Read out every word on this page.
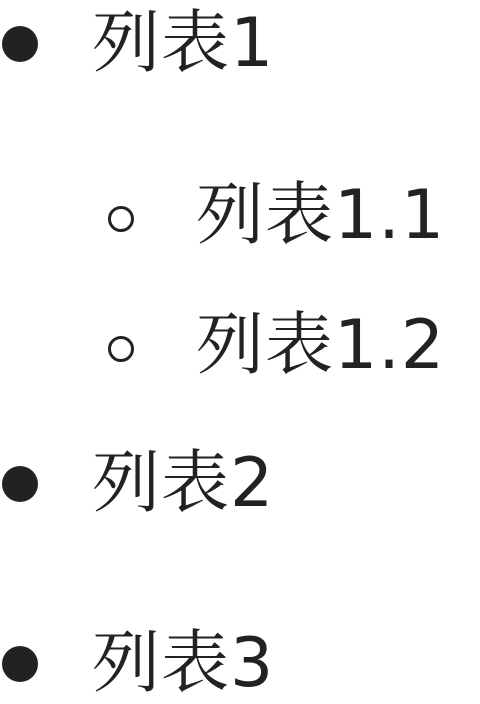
列表1
列表1.1
列表1.2
列表2
列表3
